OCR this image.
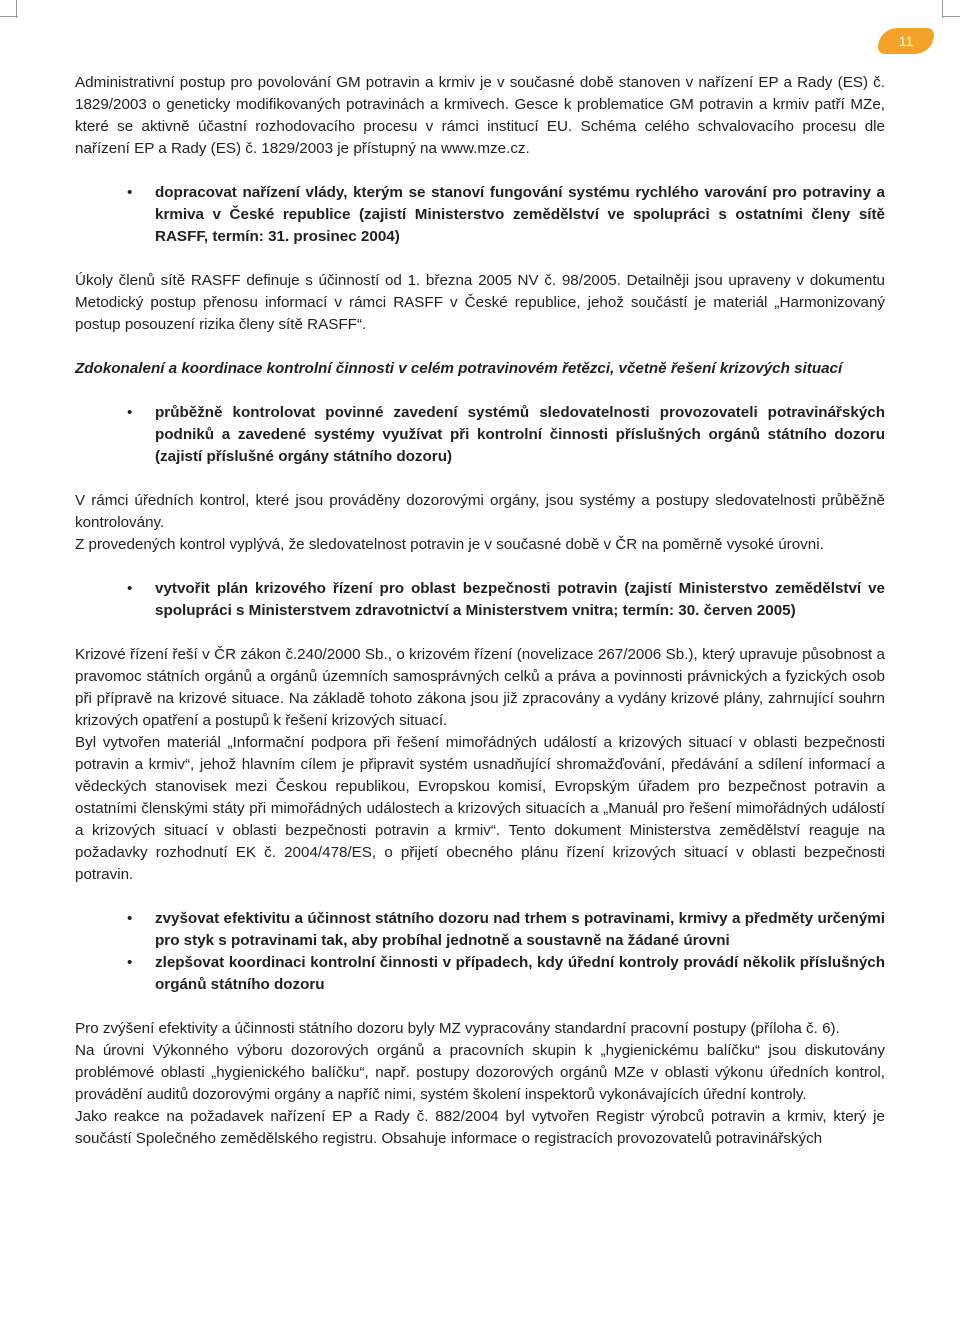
11

Administrativní postup pro povolování GM potravin a krmiv je v současné době stanoven v nařízení EP a Rady (ES) č. 1829/2003 o geneticky modifikovaných potravinách a krmivech. Gesce k problematice GM potravin a krmiv patří MZe, které se aktivně účastní rozhodovacího procesu v rámci institucí EU. Schéma celého schvalovacího procesu dle nařízení EP a Rady (ES) č. 1829/2003 je přístupný na www.mze.cz.

• dopracovat nařízení vlády, kterým se stanoví fungování systému rychlého varování pro potraviny a krmiva v České republice (zajistí Ministerstvo zemědělství ve spolupráci s ostatními členy sítě RASFF, termín: 31. prosinec 2004)

Úkoly členů sítě RASFF definuje s účinností od 1. března 2005 NV č. 98/2005. Detailněji jsou upraveny v dokumentu Metodický postup přenosu informací v rámci RASFF v České republice, jehož součástí je materiál „Harmonizovaný postup posouzení rizika členy sítě RASFF“.

Zdokonalení a koordinace kontrolní činnosti v celém potravinovém řetězci, včetně řešení krizových situací

• průběžně kontrolovat povinné zavedení systémů sledovatelnosti provozovateli potravinářských podniků a zavedené systémy využívat při kontrolní činnosti příslušných orgánů státního dozoru (zajistí příslušné orgány státního dozoru)

V rámci úředních kontrol, které jsou prováděny dozorovými orgány, jsou systémy a postupy sledovatelnosti průběžně kontrolovány.

Z provedených kontrol vyplývá, že sledovatelnost potravin je v současné době v ČR na poměrně vysoké úrovni.

• vytvořit plán krizového řízení pro oblast bezpečnosti potravin (zajistí Ministerstvo zemědělství ve spolupráci s Ministerstvem zdravotnictví a Ministerstvem vnitra; termín: 30. červen 2005)

Krizové řízení řeší v ČR zákon č.240/2000 Sb., o krizovém řízení (novelizace 267/2006 Sb.), který upravuje působnost a pravomoc státních orgánů a orgánů územních samosprávných celků a práva a povinnosti právnických a fyzických osob při přípravě na krizové situace. Na základě tohoto zákona jsou již zpracovány a vydány krizové plány, zahrnující souhrn krizových opatření a postupů k řešení krizových situací.

Byl vytvořen materiál „Informační podpora při řešení mimořádných událostí a krizových situací v oblasti bezpečnosti potravin a krmiv“, jehož hlavním cílem je připravit systém usnadňující shromažďování, předávání a sdílení informací a vědeckých stanovisek mezi Českou republikou, Evropskou komisí, Evropským úřadem pro bezpečnost potravin a ostatními členskými státy při mimořádných událostech a krizových situacích a „Manuál pro řešení mimořádných událostí a krizových situací v oblasti bezpečnosti potravin a krmiv“. Tento dokument Ministerstva zemědělství reaguje na požadavky rozhodnutí EK č. 2004/478/ES, o přijetí obecného plánu řízení krizových situací v oblasti bezpečnosti potravin.

• zvyšovat efektivitu a účinnost státního dozoru nad trhem s potravinami, krmivy a předměty určenými pro styk s potravinami tak, aby probíhal jednotně a soustavně na žádané úrovni
• zlepšovat koordinaci kontrolní činnosti v případech, kdy úřední kontroly provádí několik příslušných orgánů státního dozoru

Pro zvýšení efektivity a účinnosti státního dozoru byly MZ vypracovány standardní pracovní postupy (příloha č. 6).

Na úrovni Výkonného výboru dozorových orgánů a pracovních skupin k „hygienickému balíčku“ jsou diskutovány problémové oblasti „hygienického balíčku“, např. postupy dozorových orgánů MZe v oblasti výkonu úředních kontrol, provádění auditů dozorovými orgány a napříč nimi, systém školení inspektorů vykonávajících úřední kontroly.

Jako reakce na požadavek nařízení EP a Rady č. 882/2004 byl vytvořen Registr výrobců potravin a krmiv, který je součástí Společného zemědělského registru. Obsahuje informace o registracích provozovatelů potravinářských
